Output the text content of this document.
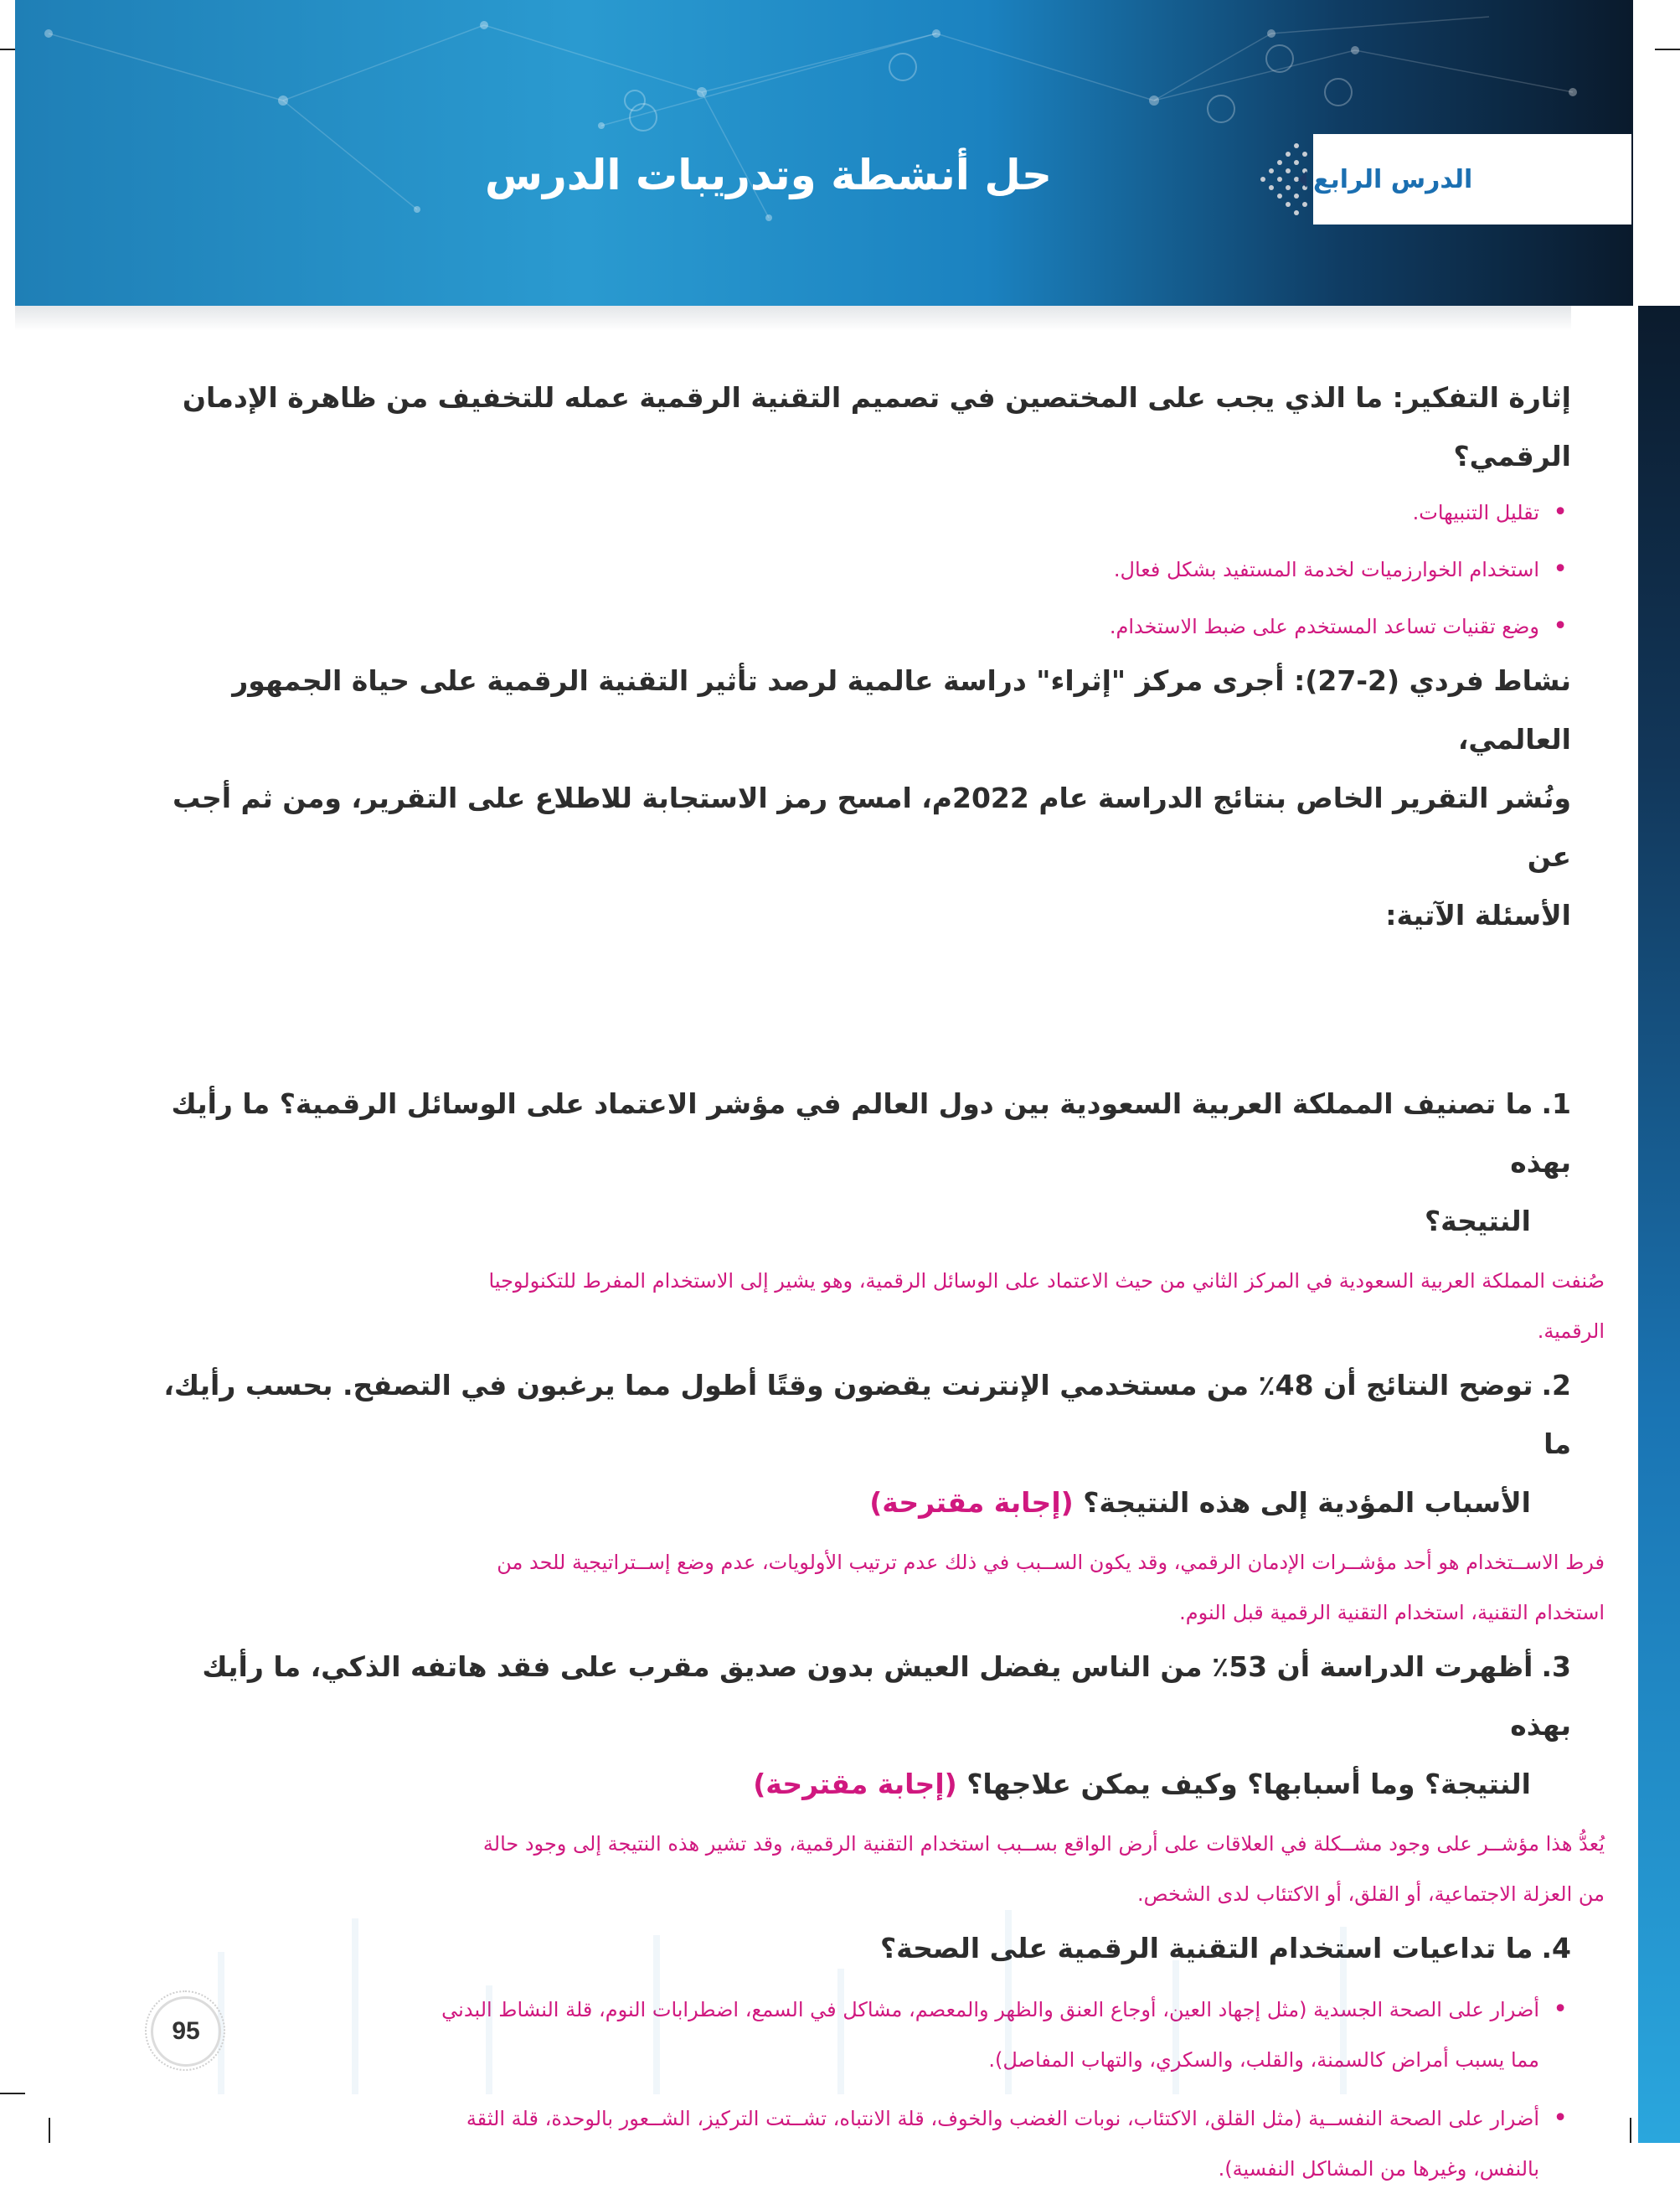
الدرس الرابع
حل أنشطة وتدريبات الدرس

إثارة التفكير: ما الذي يجب على المختصين في تصميم التقنية الرقمية عمله للتخفيف من ظاهرة الإدمان
الرقمي؟

• تقليل التنبيهات.
• استخدام الخوارزميات لخدمة المستفيد بشكل فعال.
• وضع تقنيات تساعد المستخدم على ضبط الاستخدام.

نشاط فردي (2-27): أجرى مركز "إثراء" دراسة عالمية لرصد تأثير التقنية الرقمية على حياة الجمهور العالمي،
ونُشر التقرير الخاص بنتائج الدراسة عام 2022م، امسح رمز الاستجابة للاطلاع على التقرير، ومن ثم أجب عن
الأسئلة الآتية:

1.ما تصنيف المملكة العربية السعودية بين دول العالم في مؤشر الاعتماد على الوسائل الرقمية؟ ما رأيك بهذه
النتيجة؟

صُنفت المملكة العربية السعودية في المركز الثاني من حيث الاعتماد على الوسائل الرقمية، وهو يشير إلى الاستخدام المفرط للتكنولوجيا
الرقمية.

2.توضح النتائج أن 48٪ من مستخدمي الإنترنت يقضون وقتًا أطول مما يرغبون في التصفح. بحسب رأيك، ما
الأسباب المؤدية إلى هذه النتيجة؟ (إجابة مقترحة)

فرط الاســتخدام هو أحد مؤشــرات الإدمان الرقمي، وقد يكون الســبب في ذلك عدم ترتيب الأولويات، عدم وضع إســتراتيجية للحد من
استخدام التقنية، استخدام التقنية الرقمية قبل النوم.

3.أظهرت الدراسة أن 53٪ من الناس يفضل العيش بدون صديق مقرب على فقد هاتفه الذكي، ما رأيك بهذه
النتيجة؟ وما أسبابها؟ وكيف يمكن علاجها؟ (إجابة مقترحة)

يُعدُّ هذا مؤشــر على وجود مشــكلة في العلاقات على أرض الواقع بســبب استخدام التقنية الرقمية، وقد تشير هذه النتيجة إلى وجود حالة
من العزلة الاجتماعية، أو القلق، أو الاكتئاب لدى الشخص.

4.ما تداعيات استخدام التقنية الرقمية على الصحة؟

• أضرار على الصحة الجسدية (مثل إجهاد العين، أوجاع العنق والظهر والمعصم، مشاكل في السمع، اضطرابات النوم، قلة النشاط البدني
مما يسبب أمراض كالسمنة، والقلب، والسكري، والتهاب المفاصل).
• أضرار على الصحة النفســية (مثل القلق، الاكتئاب، نوبات الغضب والخوف، قلة الانتباه، تشــتت التركيز، الشــعور بالوحدة، قلة الثقة
بالنفس، وغيرها من المشاكل النفسية).
95
